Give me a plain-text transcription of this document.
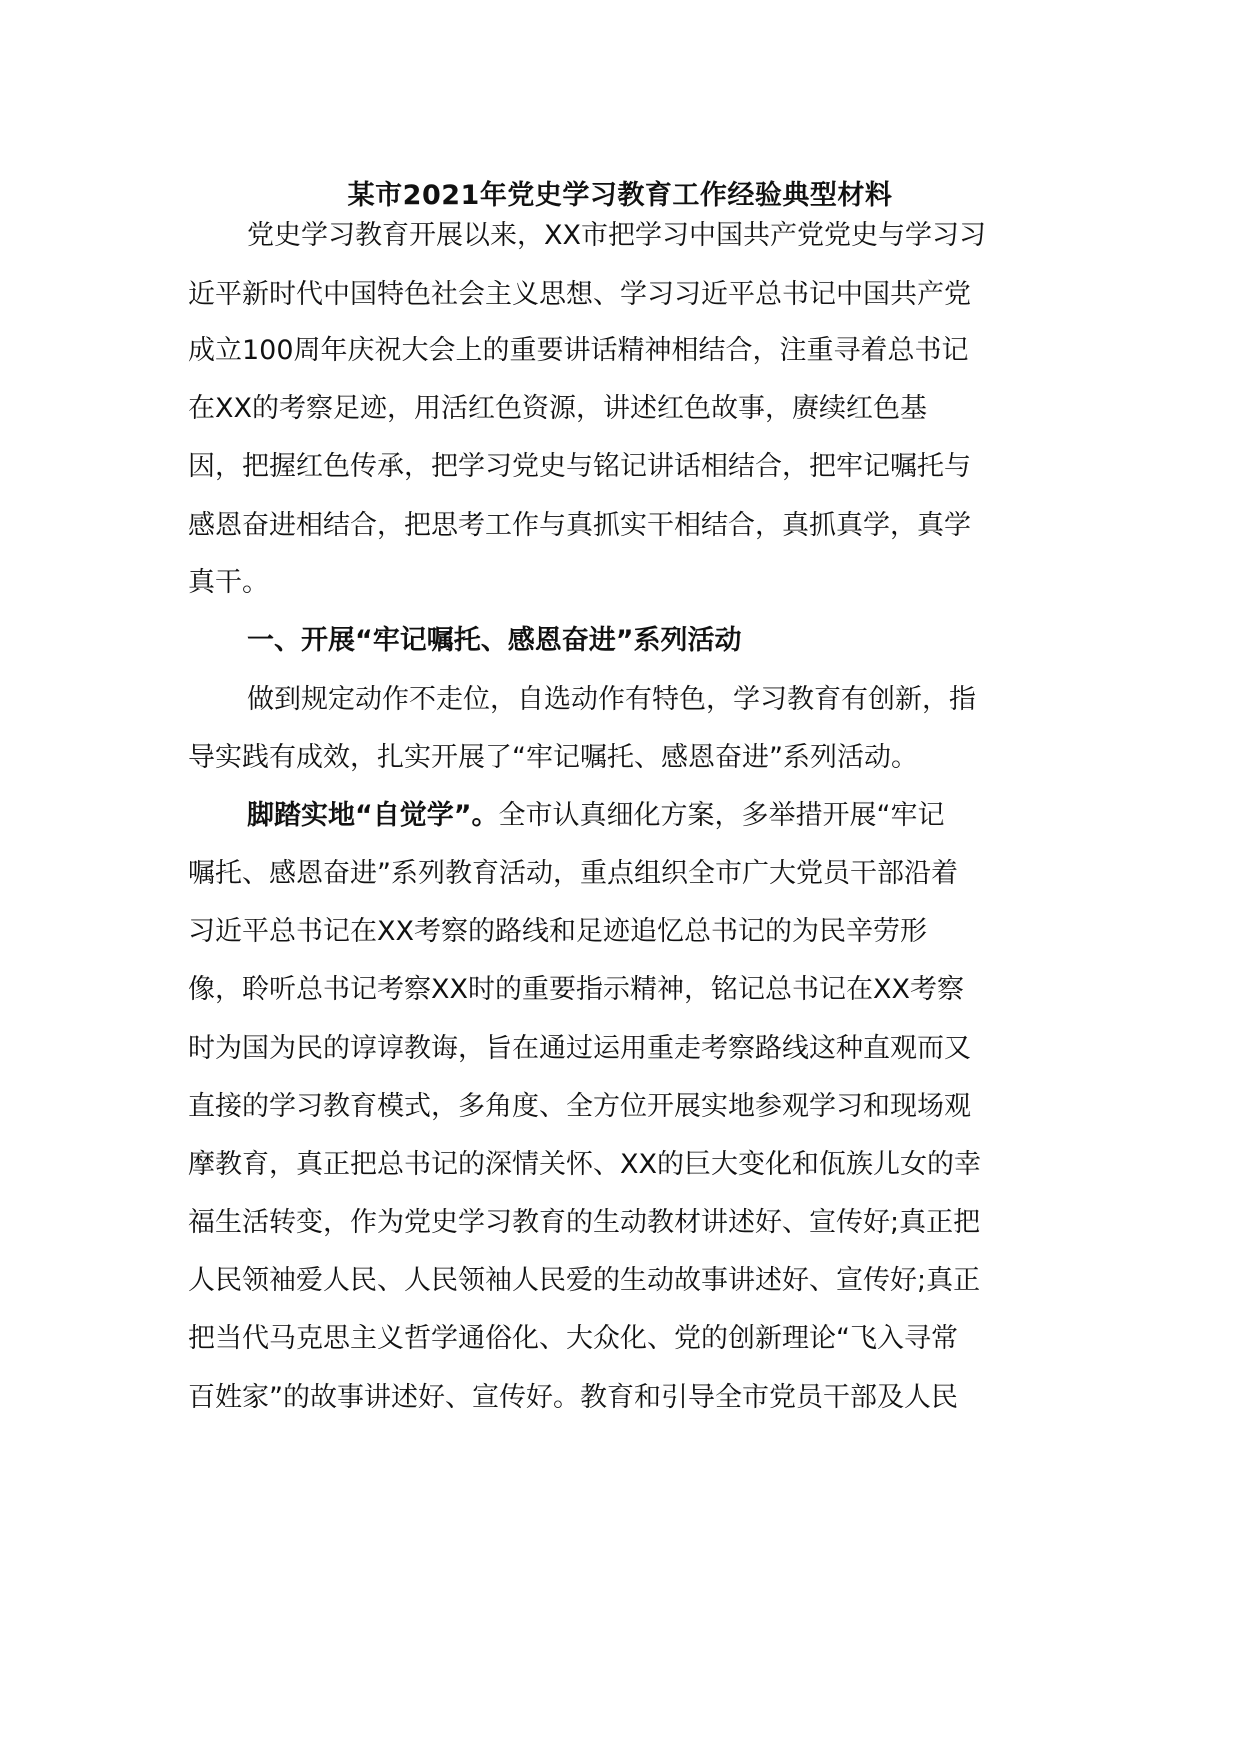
某市2021年党史学习教育工作经验典型材料

党史学习教育开展以来，XX市把学习中国共产党党史与学习习

近平新时代中国特色社会主义思想、学习习近平总书记中国共产党

成立100周年庆祝大会上的重要讲话精神相结合，注重寻着总书记

在XX的考察足迹，用活红色资源，讲述红色故事，赓续红色基

因，把握红色传承，把学习党史与铭记讲话相结合，把牢记嘱托与

感恩奋进相结合，把思考工作与真抓实干相结合，真抓真学，真学

真干。

一、开展“牢记嘱托、感恩奋进”系列活动

做到规定动作不走位，自选动作有特色，学习教育有创新，指

导实践有成效，扎实开展了“牢记嘱托、感恩奋进”系列活动。

脚踏实地“自觉学”。全市认真细化方案，多举措开展“牢记

嘱托、感恩奋进”系列教育活动，重点组织全市广大党员干部沿着

习近平总书记在XX考察的路线和足迹追忆总书记的为民辛劳形

像，聆听总书记考察XX时的重要指示精神，铭记总书记在XX考察

时为国为民的谆谆教诲，旨在通过运用重走考察路线这种直观而又

直接的学习教育模式，多角度、全方位开展实地参观学习和现场观

摩教育，真正把总书记的深情关怀、XX的巨大变化和佤族儿女的幸

福生活转变，作为党史学习教育的生动教材讲述好、宣传好;真正把

人民领袖爱人民、人民领袖人民爱的生动故事讲述好、宣传好;真正

把当代马克思主义哲学通俗化、大众化、党的创新理论“飞入寻常

百姓家”的故事讲述好、宣传好。教育和引导全市党员干部及人民
